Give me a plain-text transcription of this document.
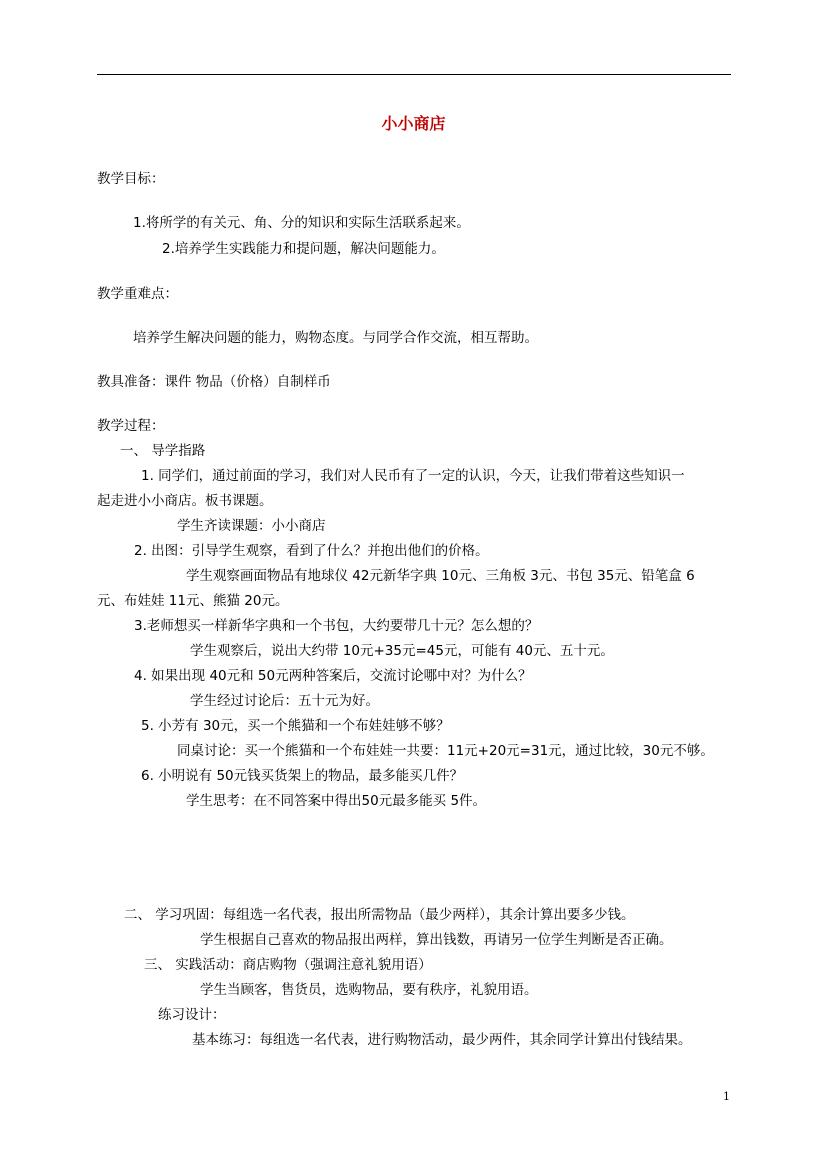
小小商店
教学目标：
1.将所学的有关元、角、分的知识和实际生活联系起来。
2.培养学生实践能力和提问题，解决问题能力。
教学重难点：
培养学生解决问题的能力，购物态度。与同学合作交流，相互帮助。
教具准备：课件 物品（价格）自制样币
教学过程：
一、 导学指路
1. 同学们，通过前面的学习，我们对人民币有了一定的认识，今天，让我们带着这些知识一
起走进小小商店。板书课题。
学生齐读课题：小小商店
2. 出图：引导学生观察，看到了什么？并抱出他们的价格。
学生观察画面物品有地球仪 42元新华字典 10元、三角板 3元、书包 35元、铅笔盒 6
元、布娃娃 11元、熊猫 20元。
3.老师想买一样新华字典和一个书包，大约要带几十元？怎么想的？
学生观察后，说出大约带 10元+35元=45元，可能有 40元、五十元。
4. 如果出现 40元和 50元两种答案后，交流讨论哪中对？为什么？
学生经过讨论后：五十元为好。
5. 小芳有 30元，买一个熊猫和一个布娃娃够不够？
同桌讨论：买一个熊猫和一个布娃娃一共要：11元+20元=31元，通过比较，30元不够。
6. 小明说有 50元钱买货架上的物品，最多能买几件？
学生思考：在不同答案中得出50元最多能买 5件。
二、 学习巩固：每组选一名代表，报出所需物品（最少两样），其余计算出要多少钱。
学生根据自己喜欢的物品报出两样，算出钱数，再请另一位学生判断是否正确。
三、 实践活动：商店购物（强调注意礼貌用语）
学生当顾客，售货员，选购物品，要有秩序，礼貌用语。
练习设计：
基本练习：每组选一名代表，进行购物活动，最少两件，其余同学计算出付钱结果。
1
